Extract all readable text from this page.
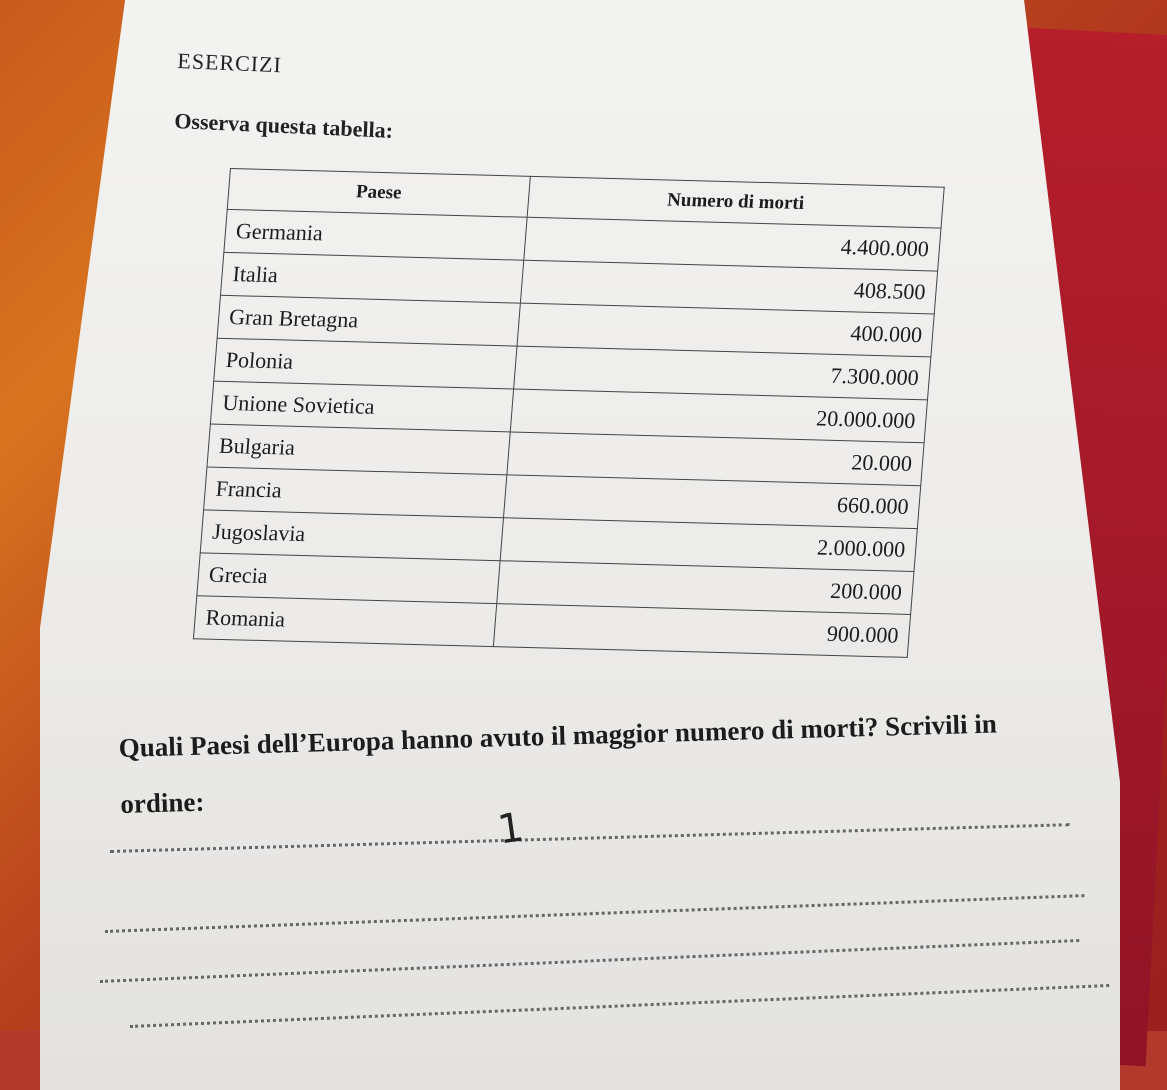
ESERCIZI
Osserva questa tabella:
Paese	Numero di morti
Germania	4.400.000
Italia	408.500
Gran Bretagna	400.000
Polonia	7.300.000
Unione Sovietica	20.000.000
Bulgaria	20.000
Francia	660.000
Jugoslavia	2.000.000
Grecia	200.000
Romania	900.000
Quali Paesi dell’Europa hanno avuto il maggior numero di morti? Scrivili in ordine:
1
